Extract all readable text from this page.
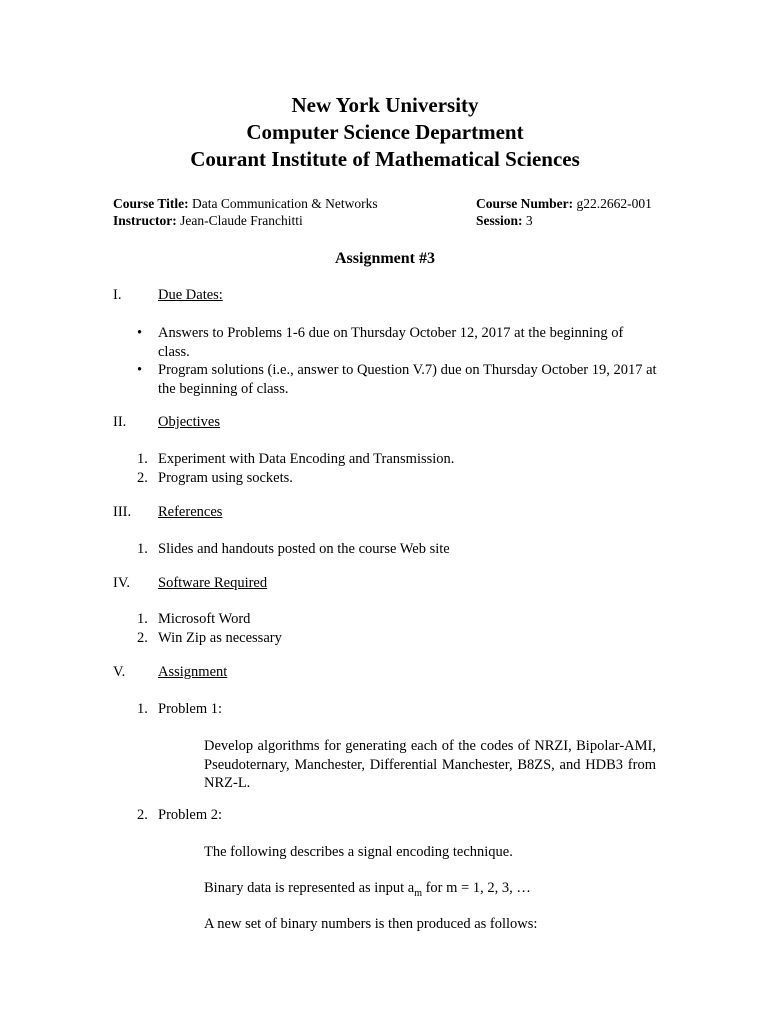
New York University
Computer Science Department
Courant Institute of Mathematical Sciences
Course Title: Data Communication & Networks
Instructor: Jean-Claude Franchitti
Course Number: g22.2662-001
Session: 3
Assignment #3
I.	Due Dates:
• Answers to Problems 1-6 due on Thursday October 12, 2017 at the beginning of class.
• Program solutions (i.e., answer to Question V.7) due on Thursday October 19, 2017 at the beginning of class.
II. Objectives
1. Experiment with Data Encoding and Transmission.
2. Program using sockets.
III. References
1. Slides and handouts posted on the course Web site
IV. Software Required
1. Microsoft Word
2. Win Zip as necessary
V. Assignment
1. Problem 1:
Develop algorithms for generating each of the codes of NRZI, Bipolar-AMI, Pseudoternary, Manchester, Differential Manchester, B8ZS, and HDB3 from NRZ-L.
2. Problem 2:
The following describes a signal encoding technique.
Binary data is represented as input $a_m$ for m = 1, 2, 3, …
A new set of binary numbers is then produced as follows:
